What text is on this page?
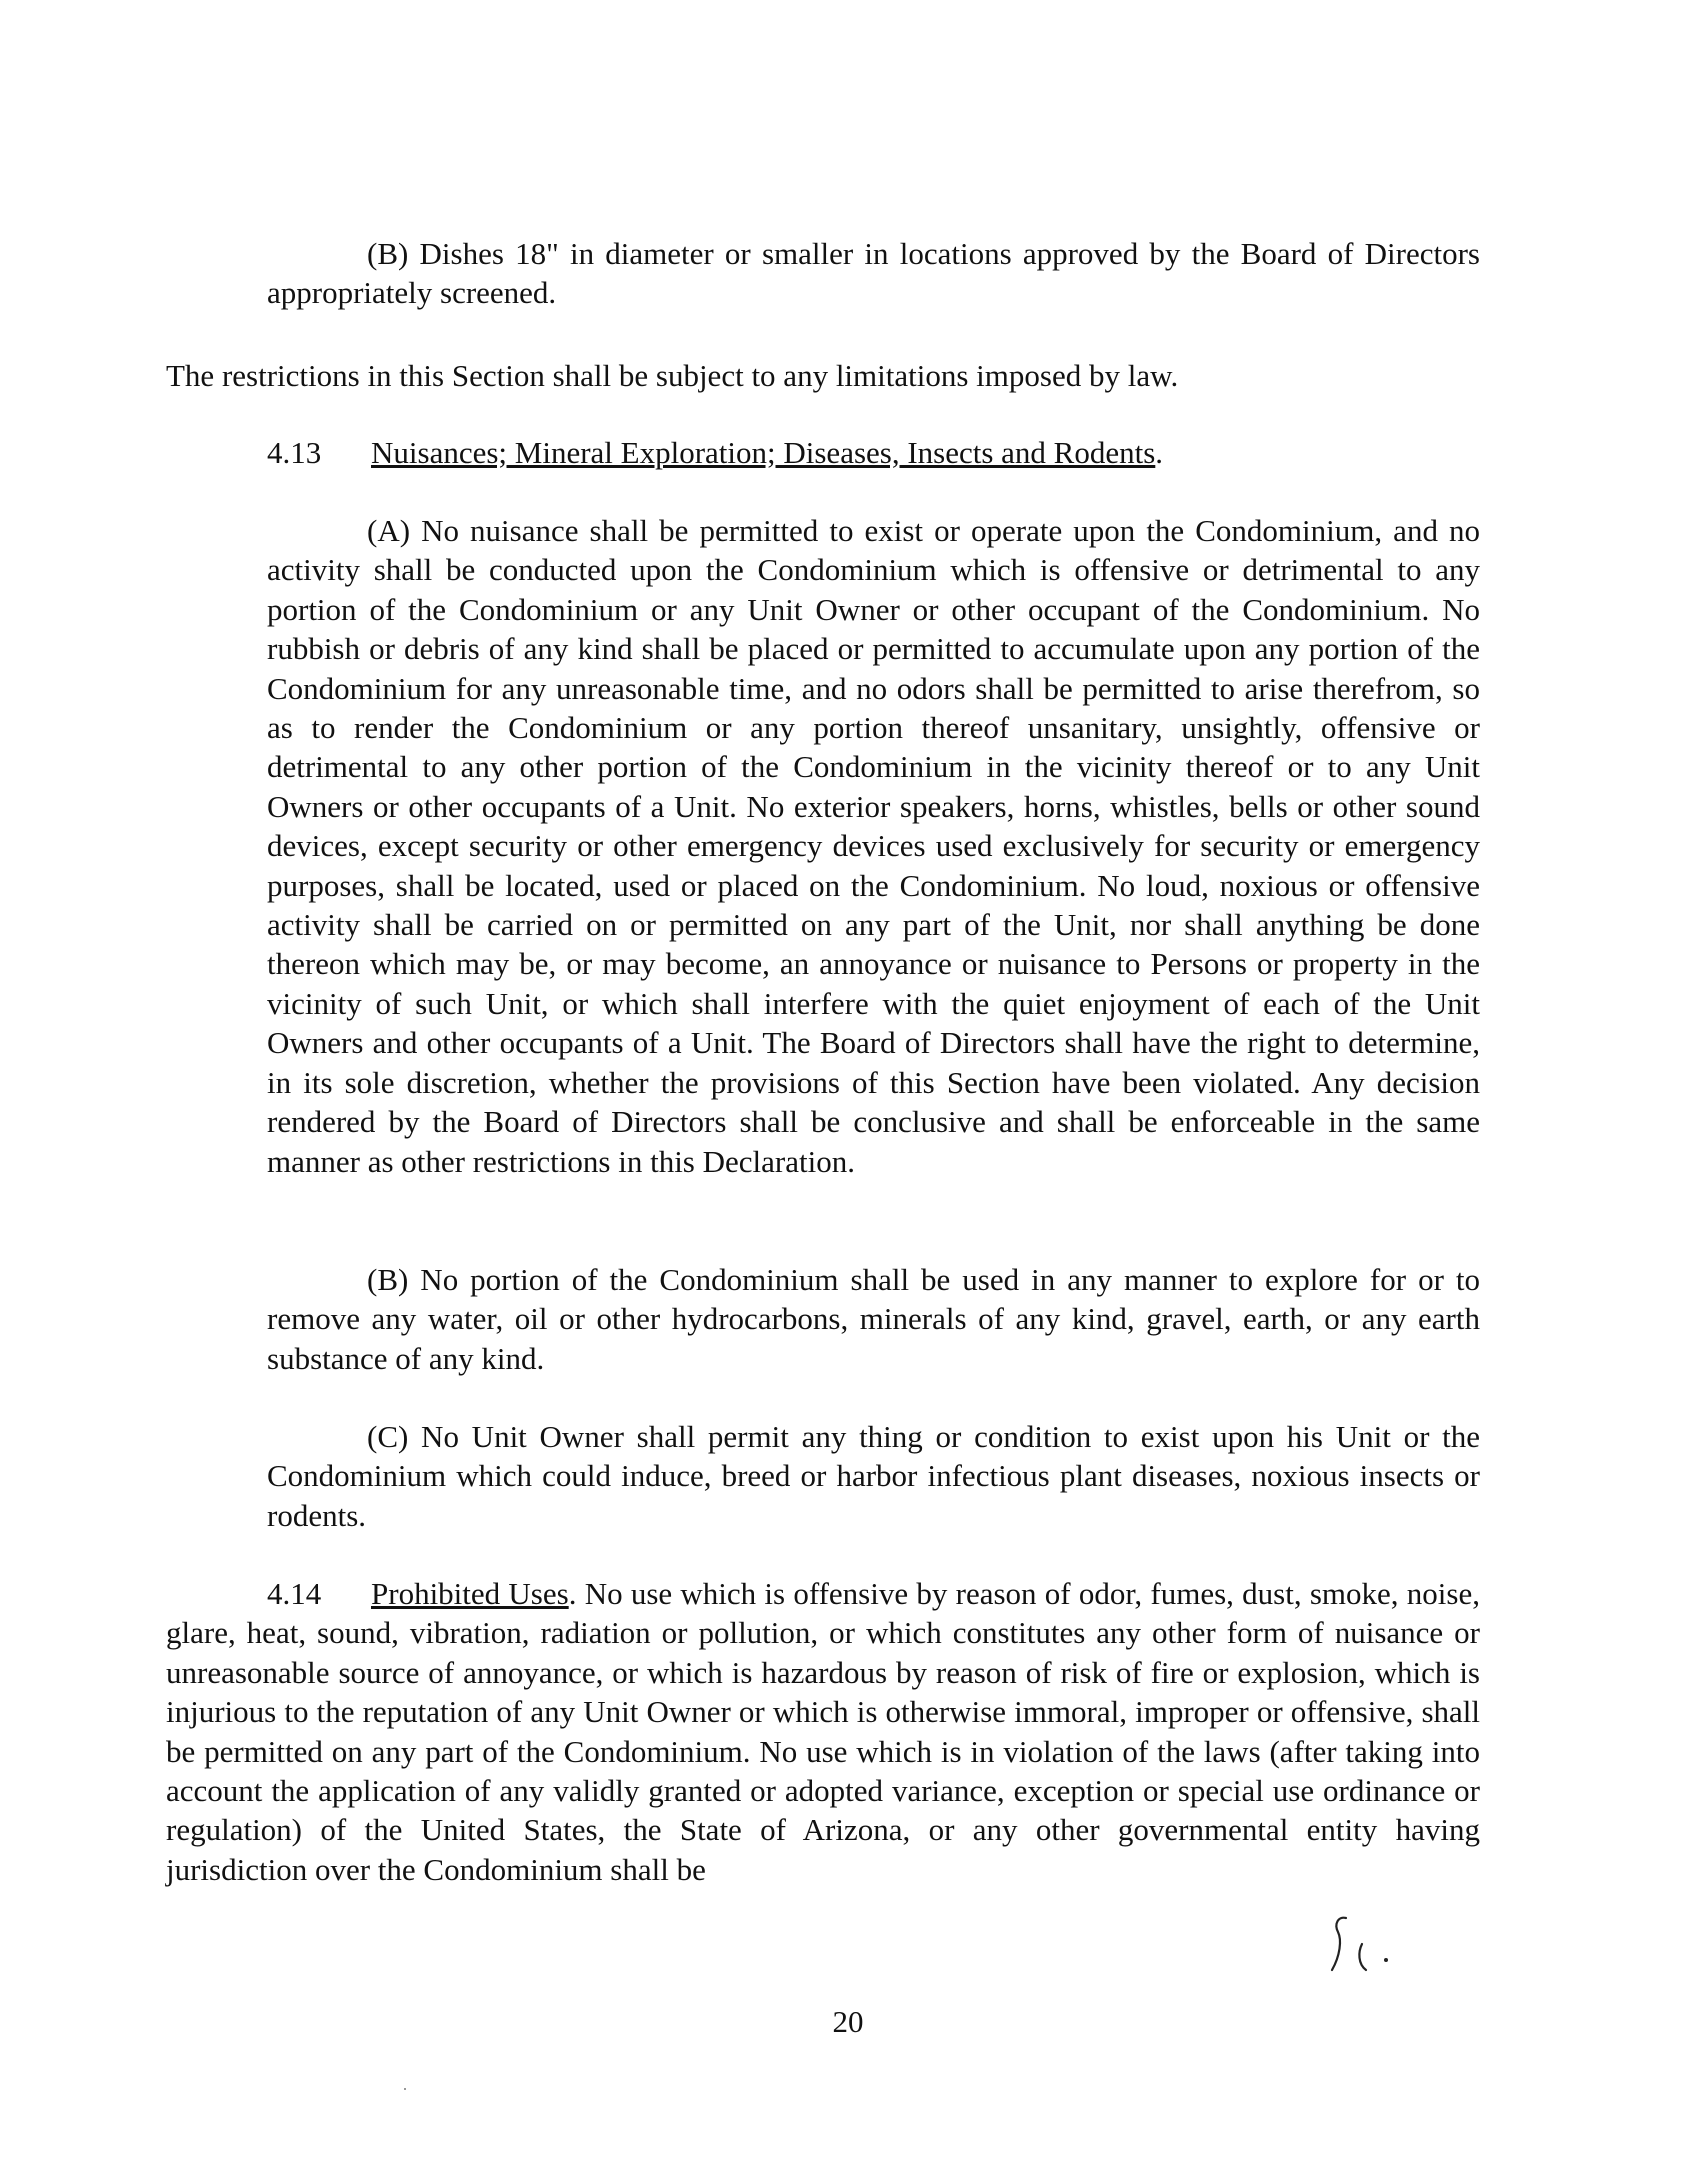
(B) Dishes 18" in diameter or smaller in locations approved by the Board of Directors appropriately screened.

The restrictions in this Section shall be subject to any limitations imposed by law.

4.13 Nuisances; Mineral Exploration; Diseases, Insects and Rodents.

(A) No nuisance shall be permitted to exist or operate upon the Condominium, and no activity shall be conducted upon the Condominium which is offensive or detrimental to any portion of the Condominium or any Unit Owner or other occupant of the Condominium. No rubbish or debris of any kind shall be placed or permitted to accumulate upon any portion of the Condominium for any unreasonable time, and no odors shall be permitted to arise therefrom, so as to render the Condominium or any portion thereof unsanitary, unsightly, offensive or detrimental to any other portion of the Condominium in the vicinity thereof or to any Unit Owners or other occupants of a Unit. No exterior speakers, horns, whistles, bells or other sound devices, except security or other emergency devices used exclusively for security or emergency purposes, shall be located, used or placed on the Condominium. No loud, noxious or offensive activity shall be carried on or permitted on any part of the Unit, nor shall anything be done thereon which may be, or may become, an annoyance or nuisance to Persons or property in the vicinity of such Unit, or which shall interfere with the quiet enjoyment of each of the Unit Owners and other occupants of a Unit. The Board of Directors shall have the right to determine, in its sole discretion, whether the provisions of this Section have been violated. Any decision rendered by the Board of Directors shall be conclusive and shall be enforceable in the same manner as other restrictions in this Declaration.

(B) No portion of the Condominium shall be used in any manner to explore for or to remove any water, oil or other hydrocarbons, minerals of any kind, gravel, earth, or any earth substance of any kind.

(C) No Unit Owner shall permit any thing or condition to exist upon his Unit or the Condominium which could induce, breed or harbor infectious plant diseases, noxious insects or rodents.

4.14 Prohibited Uses. No use which is offensive by reason of odor, fumes, dust, smoke, noise, glare, heat, sound, vibration, radiation or pollution, or which constitutes any other form of nuisance or unreasonable source of annoyance, or which is hazardous by reason of risk of fire or explosion, which is injurious to the reputation of any Unit Owner or which is otherwise immoral, improper or offensive, shall be permitted on any part of the Condominium. No use which is in violation of the laws (after taking into account the application of any validly granted or adopted variance, exception or special use ordinance or regulation) of the United States, the State of Arizona, or any other governmental entity having jurisdiction over the Condominium shall be

20
